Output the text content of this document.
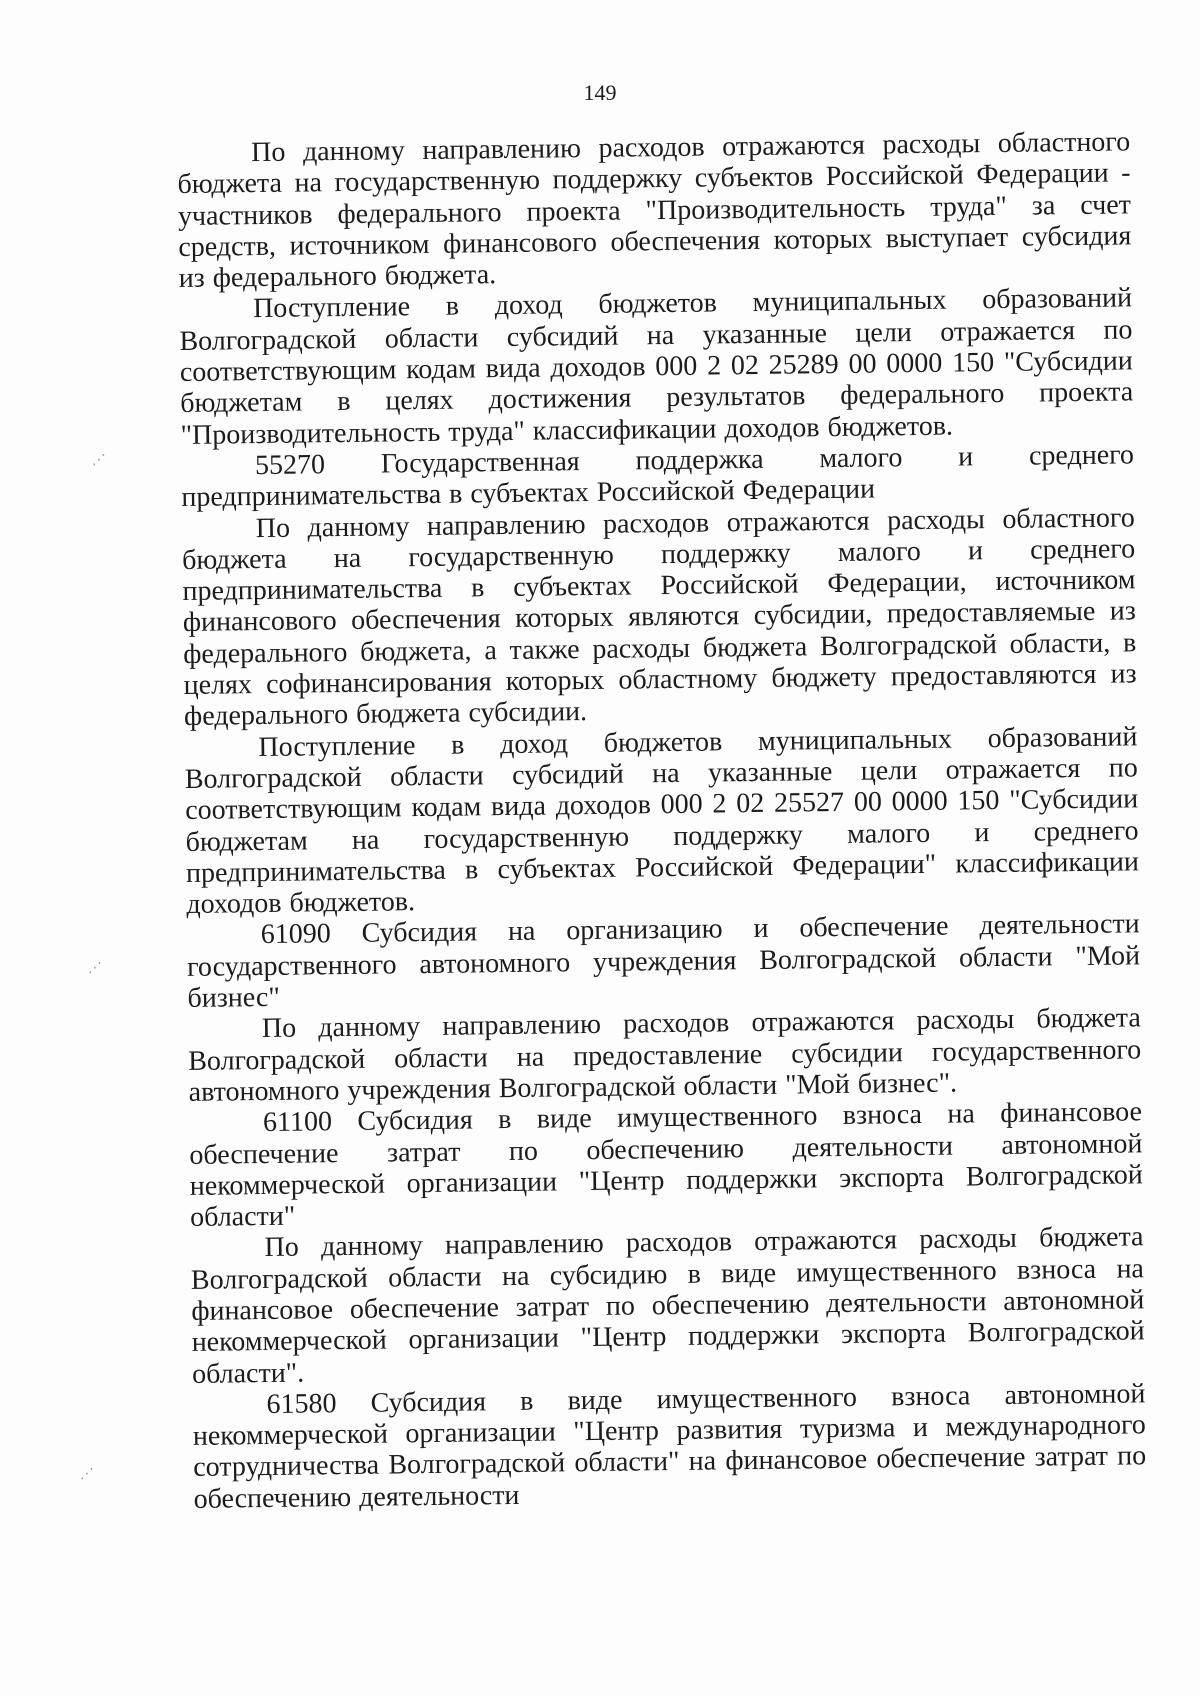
149
⋰
⋰
⋰

По данному направлению расходов отражаются расходы областного бюджета на государственную поддержку субъектов Российской Федерации - участников федерального проекта "Производительность труда" за счет средств, источником финансового обеспечения которых выступает субсидия из федерального бюджета.

Поступление в доход бюджетов муниципальных образований Волгоградской области субсидий на указанные цели отражается по соответствующим кодам вида доходов 000 2 02 25289 00 0000 150 "Субсидии бюджетам в целях достижения результатов федерального проекта "Производительность труда" классификации доходов бюджетов.

55270 Государственная поддержка малого и среднего предпринимательства в субъектах Российской Федерации

По данному направлению расходов отражаются расходы областного бюджета на государственную поддержку малого и среднего предпринимательства в субъектах Российской Федерации, источником финансового обеспечения которых являются субсидии, предоставляемые из федерального бюджета, а также расходы бюджета Волгоградской области, в целях софинансирования которых областному бюджету предоставляются из федерального бюджета субсидии.

Поступление в доход бюджетов муниципальных образований Волгоградской области субсидий на указанные цели отражается по соответствующим кодам вида доходов 000 2 02 25527 00 0000 150 "Субсидии бюджетам на государственную поддержку малого и среднего предпринимательства в субъектах Российской Федерации" классификации доходов бюджетов.

61090 Субсидия на организацию и обеспечение деятельности государственного автономного учреждения Волгоградской области "Мой бизнес"

По данному направлению расходов отражаются расходы бюджета Волгоградской области на предоставление субсидии государственного автономного учреждения Волгоградской области "Мой бизнес".

61100 Субсидия в виде имущественного взноса на финансовое обеспечение затрат по обеспечению деятельности автономной некоммерческой организации "Центр поддержки экспорта Волгоградской области"

По данному направлению расходов отражаются расходы бюджета Волгоградской области на субсидию в виде имущественного взноса на финансовое обеспечение затрат по обеспечению деятельности автономной некоммерческой организации "Центр поддержки экспорта Волгоградской области".

61580 Субсидия в виде имущественного взноса автономной некоммерческой организации "Центр развития туризма и международного сотрудничества Волгоградской области" на финансовое обеспечение затрат по обеспечению деятельности
